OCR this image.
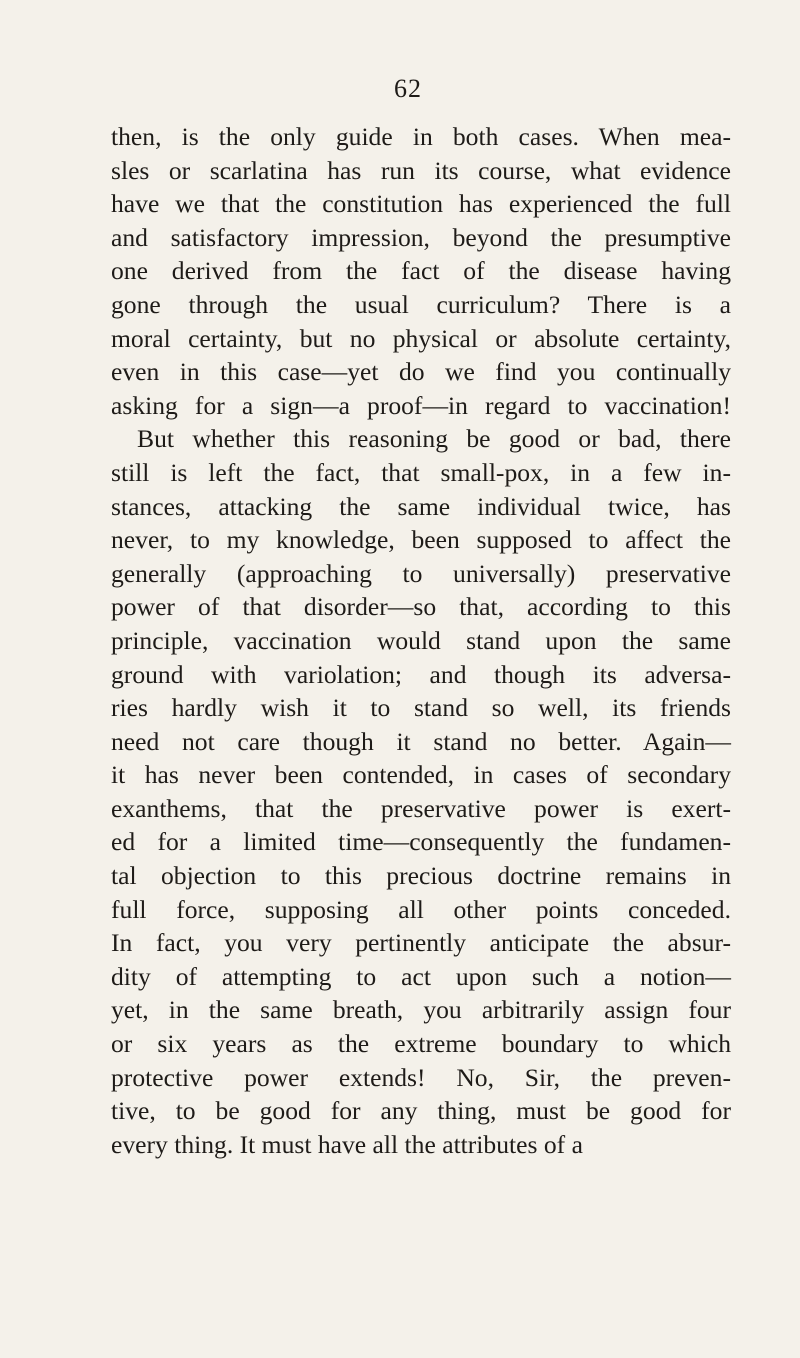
62
then, is the only guide in both cases. When mea-
sles or scarlatina has run its course, what evidence
have we that the constitution has experienced the full
and satisfactory impression, beyond the presumptive
one derived from the fact of the disease having
gone through the usual curriculum? There is a
moral certainty, but no physical or absolute certainty,
even in this case—yet do we find you continually
asking for a sign—a proof—in regard to vaccination!
But whether this reasoning be good or bad, there
still is left the fact, that small-pox, in a few in-
stances, attacking the same individual twice, has
never, to my knowledge, been supposed to affect the
generally (approaching to universally) preservative
power of that disorder—so that, according to this
principle, vaccination would stand upon the same
ground with variolation; and though its adversa-
ries hardly wish it to stand so well, its friends
need not care though it stand no better. Again—
it has never been contended, in cases of secondary
exanthems, that the preservative power is exert-
ed for a limited time—consequently the fundamen-
tal objection to this precious doctrine remains in
full force, supposing all other points conceded.
In fact, you very pertinently anticipate the absur-
dity of attempting to act upon such a notion—
yet, in the same breath, you arbitrarily assign four
or six years as the extreme boundary to which
protective power extends! No, Sir, the preven-
tive, to be good for any thing, must be good for
every thing. It must have all the attributes of a
